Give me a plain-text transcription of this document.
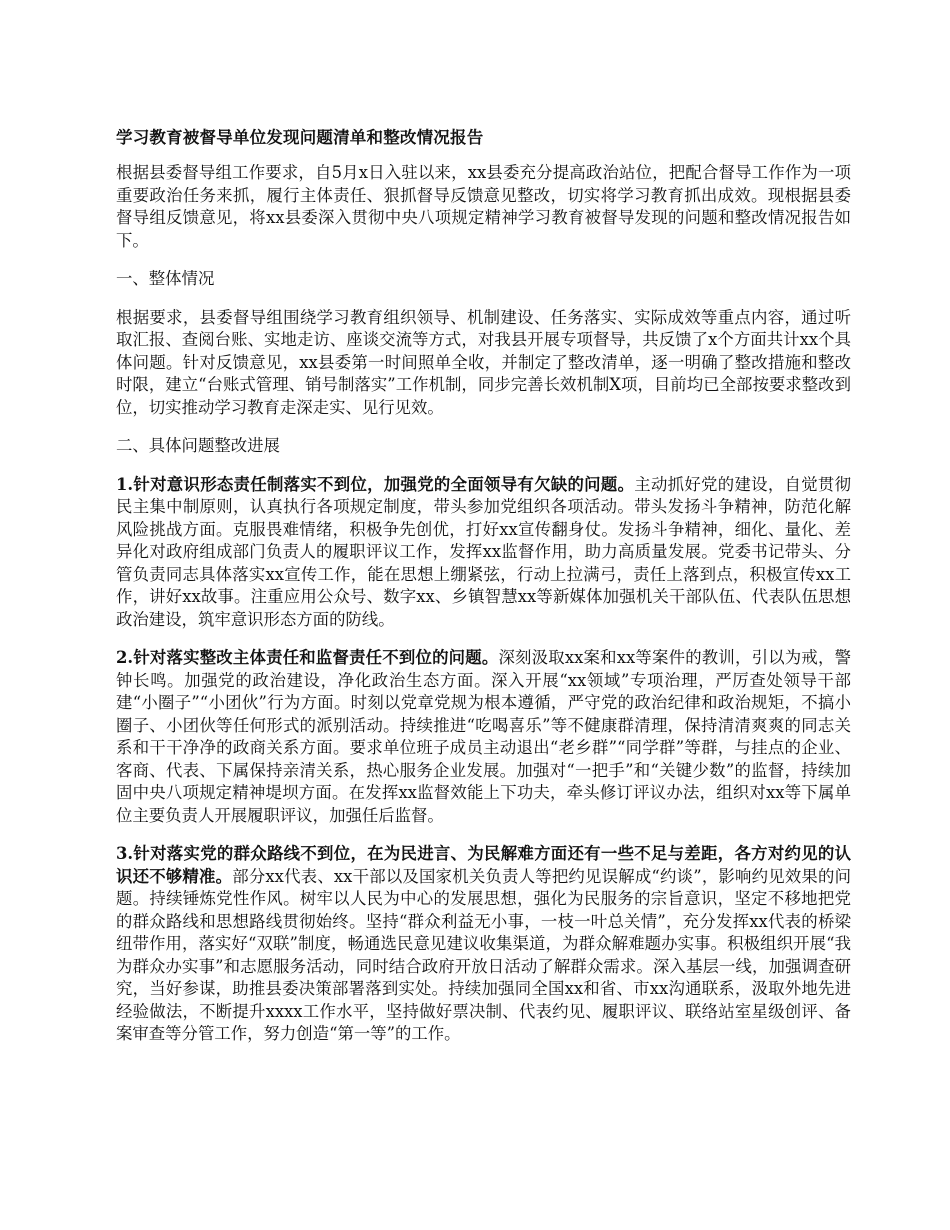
学习教育被督导单位发现问题清单和整改情况报告

根据县委督导组工作要求，自5月x日入驻以来，xx县委充分提高政治站位，把配合督导工作作为一项重要政治任务来抓，履行主体责任、狠抓督导反馈意见整改，切实将学习教育抓出成效。现根据县委督导组反馈意见，将xx县委深入贯彻中央八项规定精神学习教育被督导发现的问题和整改情况报告如下。

一、整体情况

根据要求，县委督导组围绕学习教育组织领导、机制建设、任务落实、实际成效等重点内容，通过听取汇报、查阅台账、实地走访、座谈交流等方式，对我县开展专项督导，共反馈了x个方面共计xx个具体问题。针对反馈意见，xx县委第一时间照单全收，并制定了整改清单，逐一明确了整改措施和整改时限，建立“台账式管理、销号制落实”工作机制，同步完善长效机制X项，目前均已全部按要求整改到位，切实推动学习教育走深走实、见行见效。

二、具体问题整改进展

1.针对意识形态责任制落实不到位，加强党的全面领导有欠缺的问题。主动抓好党的建设，自觉贯彻民主集中制原则，认真执行各项规定制度，带头参加党组织各项活动。带头发扬斗争精神，防范化解风险挑战方面。克服畏难情绪，积极争先创优，打好xx宣传翻身仗。发扬斗争精神，细化、量化、差异化对政府组成部门负责人的履职评议工作，发挥xx监督作用，助力高质量发展。党委书记带头、分管负责同志具体落实xx宣传工作，能在思想上绷紧弦，行动上拉满弓，责任上落到点，积极宣传xx工作，讲好xx故事。注重应用公众号、数字xx、乡镇智慧xx等新媒体加强机关干部队伍、代表队伍思想政治建设，筑牢意识形态方面的防线。

2.针对落实整改主体责任和监督责任不到位的问题。深刻汲取xx案和xx等案件的教训，引以为戒，警钟长鸣。加强党的政治建设，净化政治生态方面。深入开展“xx领域”专项治理，严厉查处领导干部建“小圈子”“小团伙”行为方面。时刻以党章党规为根本遵循，严守党的政治纪律和政治规矩，不搞小圈子、小团伙等任何形式的派别活动。持续推进“吃喝喜乐”等不健康群清理，保持清清爽爽的同志关系和干干净净的政商关系方面。要求单位班子成员主动退出“老乡群”“同学群”等群，与挂点的企业、客商、代表、下属保持亲清关系，热心服务企业发展。加强对“一把手”和“关键少数”的监督，持续加固中央八项规定精神堤坝方面。在发挥xx监督效能上下功夫，牵头修订评议办法，组织对xx等下属单位主要负责人开展履职评议，加强任后监督。

3.针对落实党的群众路线不到位，在为民进言、为民解难方面还有一些不足与差距，各方对约见的认识还不够精准。部分xx代表、xx干部以及国家机关负责人等把约见误解成“约谈”，影响约见效果的问题。持续锤炼党性作风。树牢以人民为中心的发展思想，强化为民服务的宗旨意识，坚定不移地把党的群众路线和思想路线贯彻始终。坚持“群众利益无小事，一枝一叶总关情”，充分发挥xx代表的桥梁纽带作用，落实好“双联”制度，畅通选民意见建议收集渠道，为群众解难题办实事。积极组织开展“我为群众办实事”和志愿服务活动，同时结合政府开放日活动了解群众需求。深入基层一线，加强调查研究，当好参谋，助推县委决策部署落到实处。持续加强同全国xx和省、市xx沟通联系，汲取外地先进经验做法，不断提升xxxx工作水平，坚持做好票决制、代表约见、履职评议、联络站室星级创评、备案审查等分管工作，努力创造“第一等”的工作。
